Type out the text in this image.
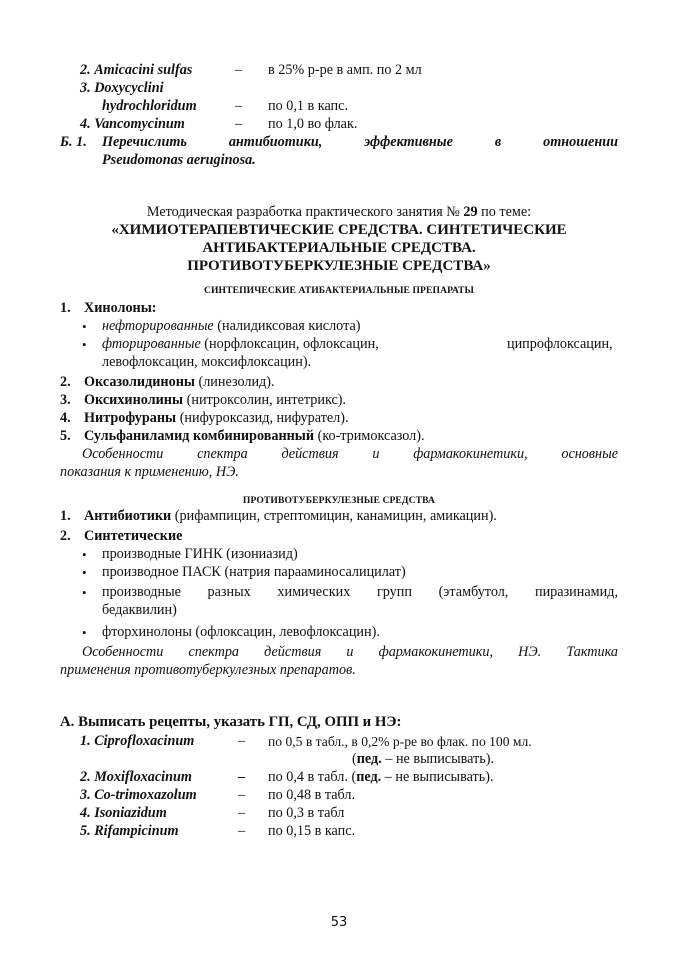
2. Amicacini sulfas	– в 25% р-ре в амп. по 2 мл
3. Doxycyclini
hydrochloridum	– по 0,1 в капс.
4. Vancomycinum	– по 1,0 во флак.
Б. 1. Перечислить антибиотики, эффективные в отношении
Pseudomonas aeruginosa.
Методическая разработка практического занятия № 29 по теме:
«ХИМИОТЕРАПЕВТИЧЕСКИЕ СРЕДСТВА. СИНТЕТИЧЕСКИЕ
АНТИБАКТЕРИАЛЬНЫЕ СРЕДСТВА.
ПРОТИВОТУБЕРКУЛЕЗНЫЕ СРЕДСТВА»
СИНТЕПИЧЕСКИЕ АТИБАКТЕРИАЛЬНЫЕ ПРЕПАРАТЫ
1. Хинолоны:
• нефторированные (налидиксовая кислота)
• фторированные (норфлоксацин, офлоксацин,	ципрофлоксацин,
левофлоксацин, моксифлоксацин).
2. Оксазолидиноны (линезолид).
3. Оксихинолины (нитроксолин, интетрикс).
4. Нитрофураны (нифуроксазид, нифурател).
5. Сульфаниламид комбинированный (ко-тримоксазол).
Особенности спектра действия и фармакокинетики, основные
показания к применению, НЭ.
ПРОТИВОТУБЕРКУЛЕЗНЫЕ СРЕДСТВА
1. Антибиотики (рифампицин, стрептомицин, канамицин, амикацин).
2. Синтетические
• производные ГИНК (изониазид)
• производное ПАСК (натрия парааминосалицилат)
• производные разных химических групп (этамбутол, пиразинамид,
бедаквилин)
• фторхинолоны (офлоксацин, левофлоксацин).
Особенности спектра действия и фармакокинетики, НЭ. Тактика
применения противотуберкулезных препаратов.
А. Выписать рецепты, указать ГП, СД, ОПП и НЭ:
1. Ciprofloxacinum	– по 0,5 в табл., в 0,2% р-ре во флак. по 100 мл.
(пед. – не выписывать).
2. Moxifloxacinum	– по 0,4 в табл. (пед. – не выписывать).
3. Co-trimoxazolum	– по 0,48 в табл.
4. Isoniazidum	– по 0,3 в табл
5. Rifampicinum	– по 0,15 в капс.
53
